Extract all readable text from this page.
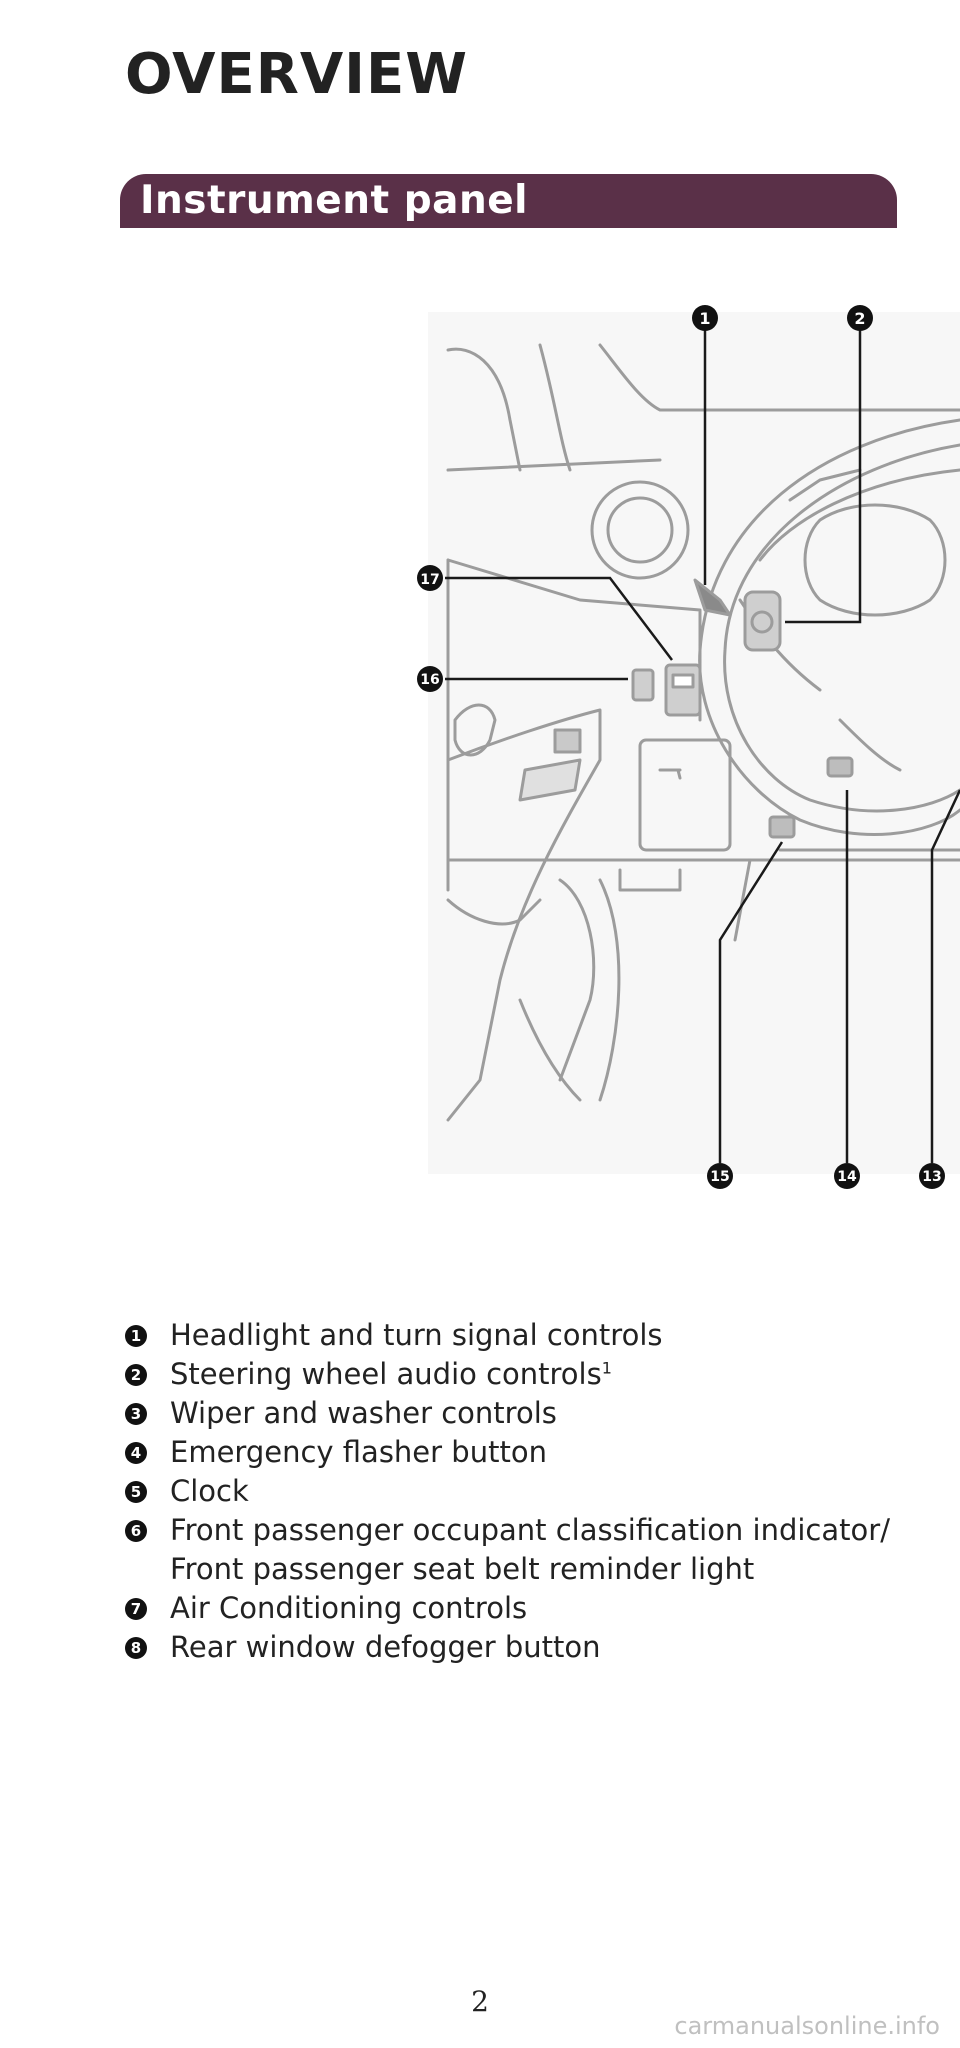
OVERVIEW
Instrument panel
1	2
17
16
15	14	13
1 Headlight and turn signal controls
2 Steering wheel audio controls$^1$
3 Wiper and washer controls
4 Emergency flasher button
5 Clock
6 Front passenger occupant classification indicator/
Front passenger seat belt reminder light
7 Air Conditioning controls
8 Rear window defogger button
2
carmanualsonline.info
